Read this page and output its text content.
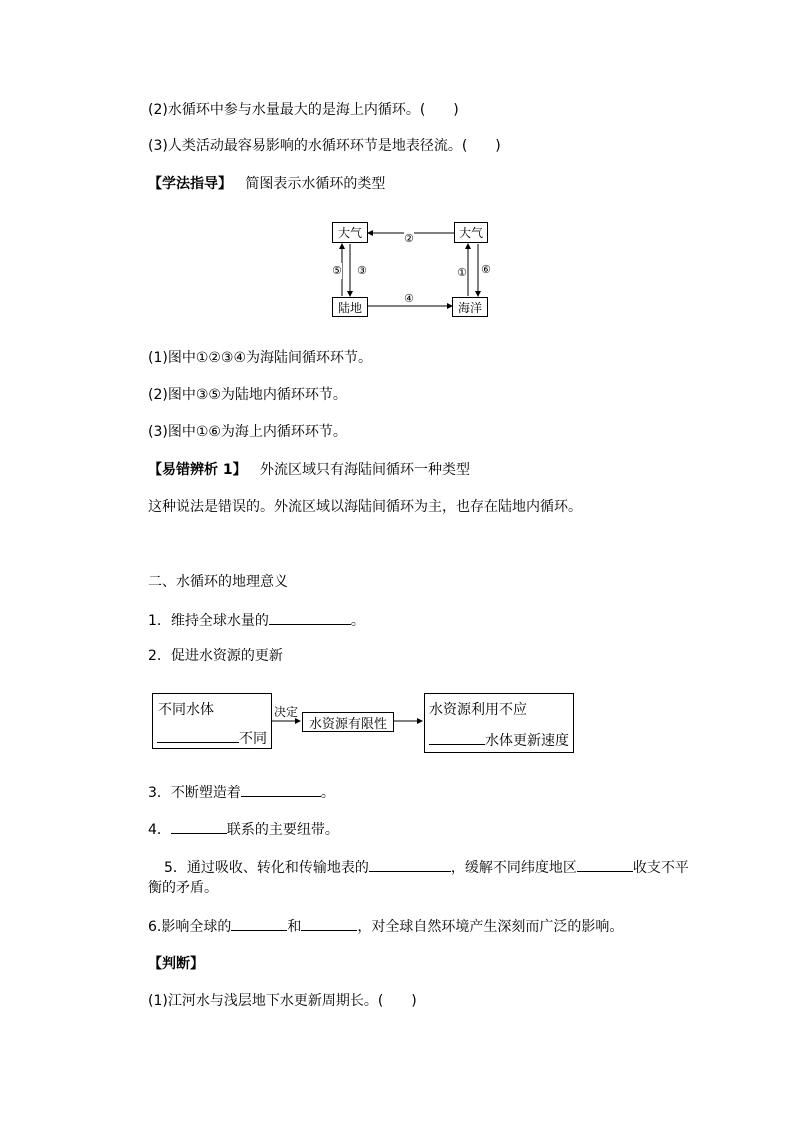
(2)水循环中参与水量最大的是海上内循环。(　　)
(3)人类活动最容易影响的水循环环节是地表径流。(　　)
【学法指导】 简图表示水循环的类型
大气	大气
陆地	海洋
②
⑤ ③
④
① ⑥
(1)图中①②③④为海陆间循环环节。
(2)图中③⑤为陆地内循环环节。
(3)图中①⑥为海上内循环环节。
【易错辨析 1】 外流区域只有海陆间循环一种类型
这种说法是错误的。外流区域以海陆间循环为主，也存在陆地内循环。
二、水循环的地理意义
1．维持全球水量的	。
2．促进水资源的更新
不同水体
不同
决定
水资源有限性
水资源利用不应
水体更新速度
3．不断塑造着	。
4．	联系的主要纽带。
5．通过吸收、转化和传输地表的	，缓解不同纬度地区	收支不平
衡的矛盾。
6.影响全球的	和	，对全球自然环境产生深刻而广泛的影响。
【判断】
(1)江河水与浅层地下水更新周期长。(　　)
